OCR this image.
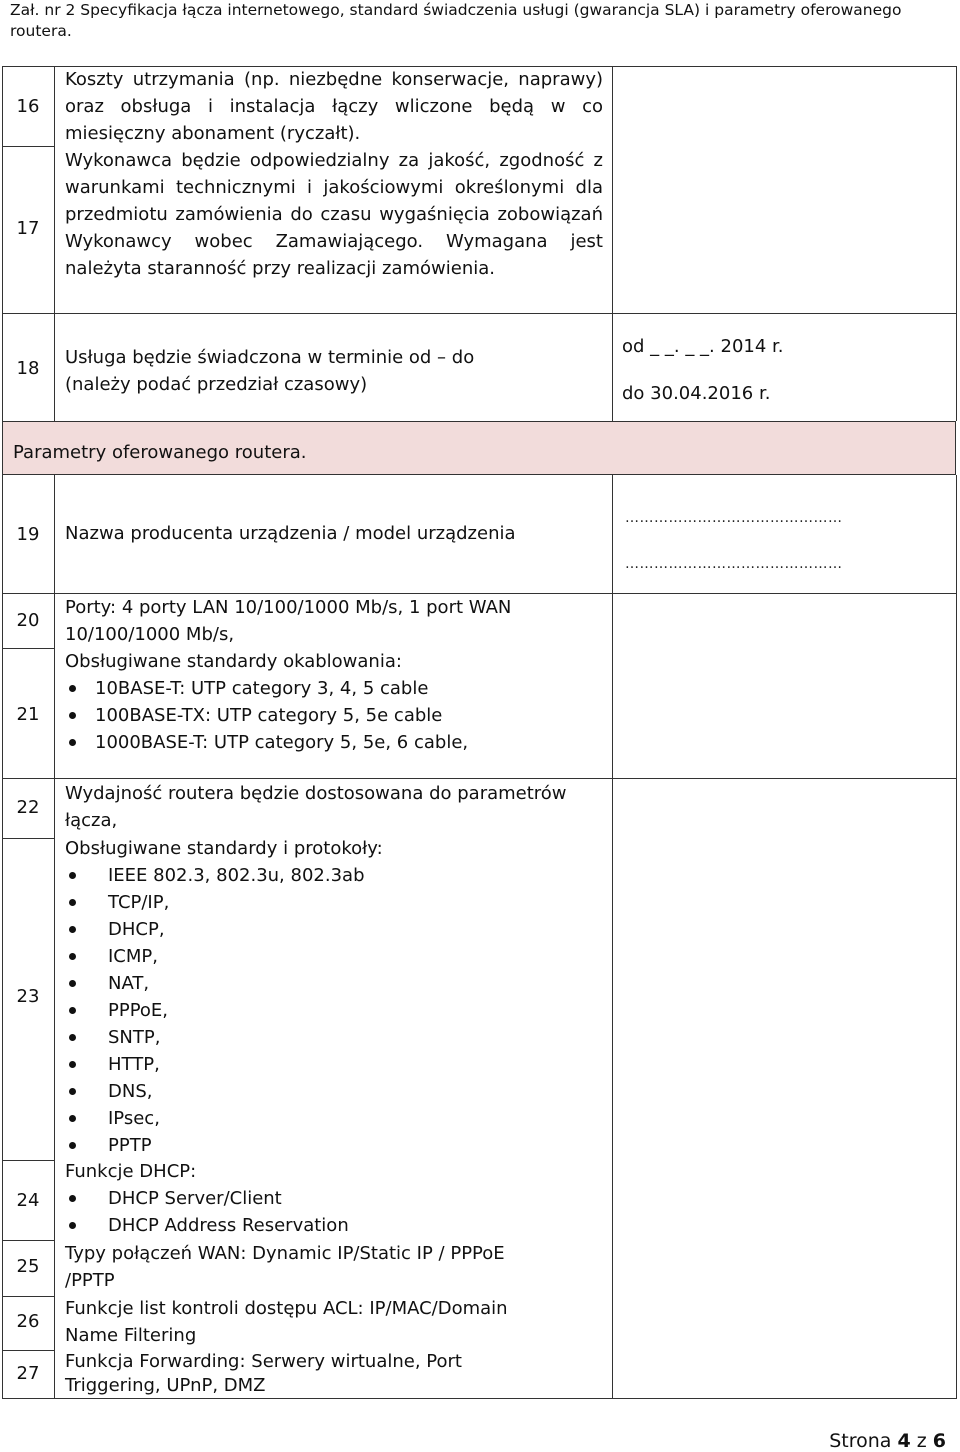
Zał. nr 2 Specyfikacja łącza internetowego, standard świadczenia usługi (gwarancja SLA) i parametry oferowanego
routera.
16
Koszty utrzymania (np. niezbędne konserwacje, naprawy) oraz obsługa i instalacja łączy wliczone będą w co miesięczny abonament (ryczałt).
17
Wykonawca będzie odpowiedzialny za jakość, zgodność z warunkami technicznymi i jakościowymi określonymi dla przedmiotu zamówienia do czasu wygaśnięcia zobowiązań Wykonawcy wobec Zamawiającego. Wymagana jest należyta staranność przy realizacji zamówienia.
18
Usługa będzie świadczona w terminie od – do
(należy podać przedział czasowy)
od _ _. _ _. 2014 r.
do 30.04.2016 r.
Parametry oferowanego routera.
19	Nazwa producenta urządzenia / model urządzenia
………………………………………
………………………………………
20
Porty: 4 porty LAN 10/100/1000 Mb/s, 1 port WAN
10/100/1000 Mb/s,
21
Obsługiwane standardy okablowania:
10BASE-T: UTP category 3, 4, 5 cable
100BASE-TX: UTP category 5, 5e cable
1000BASE-T: UTP category 5, 5e, 6 cable,
22
Wydajność routera będzie dostosowana do parametrów
łącza,
23
Obsługiwane standardy i protokoły:
IEEE 802.3, 802.3u, 802.3ab
TCP/IP,
DHCP,
ICMP,
NAT,
PPPoE,
SNTP,
HTTP,
DNS,
IPsec,
PPTP
24
Funkcje DHCP:
DHCP Server/Client
DHCP Address Reservation
25
Typy połączeń WAN: Dynamic IP/Static IP / PPPoE
/PPTP
26
Funkcje list kontroli dostępu ACL: IP/MAC/Domain
Name Filtering
27
Funkcja Forwarding: Serwery wirtualne, Port
Triggering, UPnP, DMZ
Strona 4 z 6
